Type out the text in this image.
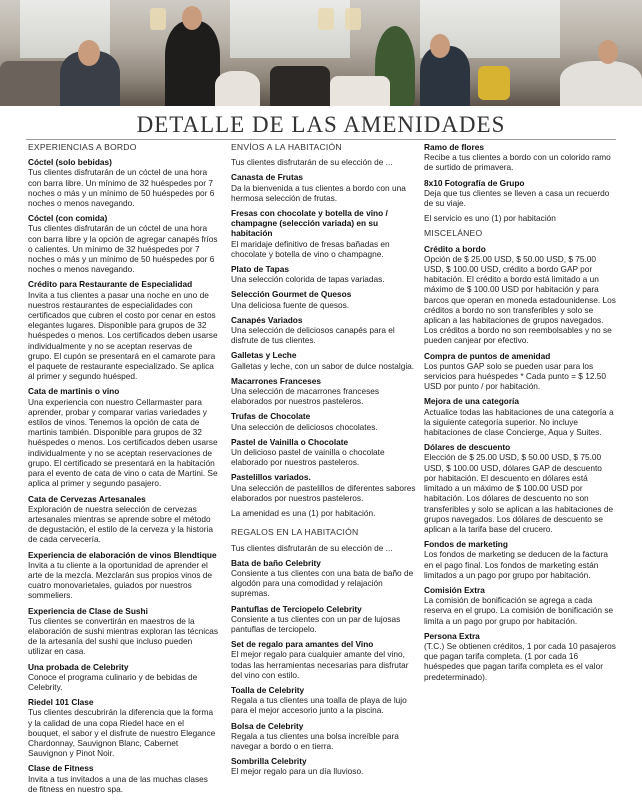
DETALLE DE LAS AMENIDADES
EXPERIENCIAS A BORDO
Cóctel (solo bebidas)

Tus clientes disfrutarán de un cóctel de una hora con barra libre. Un mínimo de 32 huéspedes por 7 noches o más y un mínimo de 50 huéspedes por 6 noches o menos navegando.

Cóctel (con comida)

Tus clientes disfrutarán de un cóctel de una hora con barra libre y la opción de agregar canapés fríos o calientes. Un mínimo de 32 huéspedes por 7 noches o más y un mínimo de 50 huéspedes por 6 noches o menos navegando.

Crédito para Restaurante de Especialidad

Invita a tus clientes a pasar una noche en uno de nuestros restaurantes de especialidades con certificados que cubren el costo por cenar en estos elegantes lugares. Disponible para grupos de 32 huéspedes o menos. Los certificados deben usarse individualmente y no se aceptan reservas de grupo. El cupón se presentará en el camarote para el paquete de restaurante especializado. Se aplica al primer y segundo huésped.

Cata de martinis o vino

Una experiencia con nuestro Cellarmaster para aprender, probar y comparar varias variedades y estilos de vinos. Tenemos la opción de cata de martinis también. Disponible para grupos de 32 huéspedes o menos. Los certificados deben usarse individualmente y no se aceptan reservaciones de grupo. El certificado se presentará en la habitación para el evento de cata de vino o cata de Martini. Se aplica al primer y segundo pasajero.

Cata de Cervezas Artesanales

Exploración de nuestra selección de cervezas artesanales mientras se aprende sobre el método de degustación, el estilo de la cerveza y la historia de cada cervecería.

Experiencia de elaboración de vinos Blendtique

Invita a tu cliente a la oportunidad de aprender el arte de la mezcla. Mezclarán sus propios vinos de cuatro monovarietales, guiados por nuestros sommeliers.

Experiencia de Clase de Sushi

Tus clientes se convertirán en maestros de la elaboración de sushi mientras exploran las técnicas de la artesanía del sushi que incluso pueden utilizar en casa.

Una probada de Celebrity

Conoce el programa culinario y de bebidas de Celebrity.

Riedel 101 Clase

Tus clientes descubrirán la diferencia que la forma y la calidad de una copa Riedel hace en el bouquet, el sabor y el disfrute de nuestro Elegance Chardonnay, Sauvignon Blanc, Cabernet Sauvignon y Pinot Noir.

Clase de Fitness

Invita a tus invitados a una de las muchas clases de fitness en nuestro spa.

ENVÍOS A LA HABITACIÓN
Tus clientes disfrutarán de su elección de ...
Canasta de Frutas

Da la bienvenida a tus clientes a bordo con una hermosa selección de frutas.

Fresas con chocolate y botella de vino / champagne (selección variada) en su habitación

El maridaje definitivo de fresas bañadas en chocolate y botella de vino o champagne.

Plato de Tapas

Una selección colorida de tapas variadas.

Selección Gourmet de Quesos

Una deliciosa fuente de quesos.

Canapés Variados

Una selección de deliciosos canapés para el disfrute de tus clientes.

Galletas y Leche

Galletas y leche, con un sabor de dulce nostalgia.

Macarrones Franceses

Una selección de macarrones franceses elaborados por nuestros pasteleros.

Trufas de Chocolate

Una selección de deliciosos chocolates.

Pastel de Vainilla o Chocolate

Un delicioso pastel de vainilla o chocolate elaborado por nuestros pasteleros.

Pastelillos variados.

Una selección de pastelillos de diferentes sabores elaborados por nuestros pasteleros.

La amenidad es una (1) por habitación.
REGALOS EN LA HABITACIÓN
Tus clientes disfrutarán de su elección de ...
Bata de baño Celebrity

Consiente a tus clientes con una bata de baño de algodón para una comodidad y relajación supremas.

Pantuflas de Terciopelo Celebrity

Consiente a tus clientes con un par de lujosas pantuflas de terciopelo.

Set de regalo para amantes del Vino

El mejor regalo para cualquier amante del vino, todas las herramientas necesarias para disfrutar del vino con estilo.

Toalla de Celebrity

Regala a tus clientes una toalla de playa de lujo para el mejor accesorio junto a la piscina.

Bolsa de Celebrity

Regala a tus clientes una bolsa increíble para navegar a bordo o en tierra.

Sombrilla Celebrity

El mejor regalo para un día lluvioso.

Ramo de flores

Recibe a tus clientes a bordo con un colorido ramo de surtido de primavera.

8x10 Fotografía de Grupo

Deja que tus clientes se lleven a casa un recuerdo de su viaje.

El servicio es uno (1) por habitación
MISCELÁNEO
Crédito a bordo

Opción de $ 25.00 USD, $ 50.00 USD, $ 75.00 USD, $ 100.00 USD, crédito a bordo GAP por habitación. El crédito a bordo está limitado a un máximo de $ 100.00 USD por habitación y para barcos que operan en moneda estadounidense. Los créditos a bordo no son transferibles y solo se aplican a las habitaciones de grupos navegados. Los créditos a bordo no son reembolsables y no se pueden canjear por efectivo.

Compra de puntos de amenidad

Los puntos GAP solo se pueden usar para los servicios para huéspedes * Cada punto = $ 12.50 USD por punto / por habitación.

Mejora de una categoría

Actualice todas las habitaciones de una categoría a la siguiente categoría superior. No incluye habitaciones de clase Concierge, Aqua y Suites.

Dólares de descuento

Elección de $ 25.00 USD, $ 50.00 USD, $ 75.00 USD, $ 100.00 USD, dólares GAP de descuento por habitación. El descuento en dólares está limitado a un máximo de $ 100.00 USD por habitación. Los dólares de descuento no son transferibles y solo se aplican a las habitaciones de grupos navegados. Los dólares de descuento se aplican a la tarifa base del crucero.

Fondos de marketing

Los fondos de marketing se deducen de la factura en el pago final. Los fondos de marketing están limitados a un pago por grupo por habitación.

Comisión Extra

La comisión de bonificación se agrega a cada reserva en el grupo. La comisión de bonificación se limita a un pago por grupo por habitación.

Persona Extra

(T.C.) Se obtienen créditos, 1 por cada 10 pasajeros que pagan tarifa completa. (1 por cada 16 huéspedes que pagan tarifa completa es el valor predeterminado).
